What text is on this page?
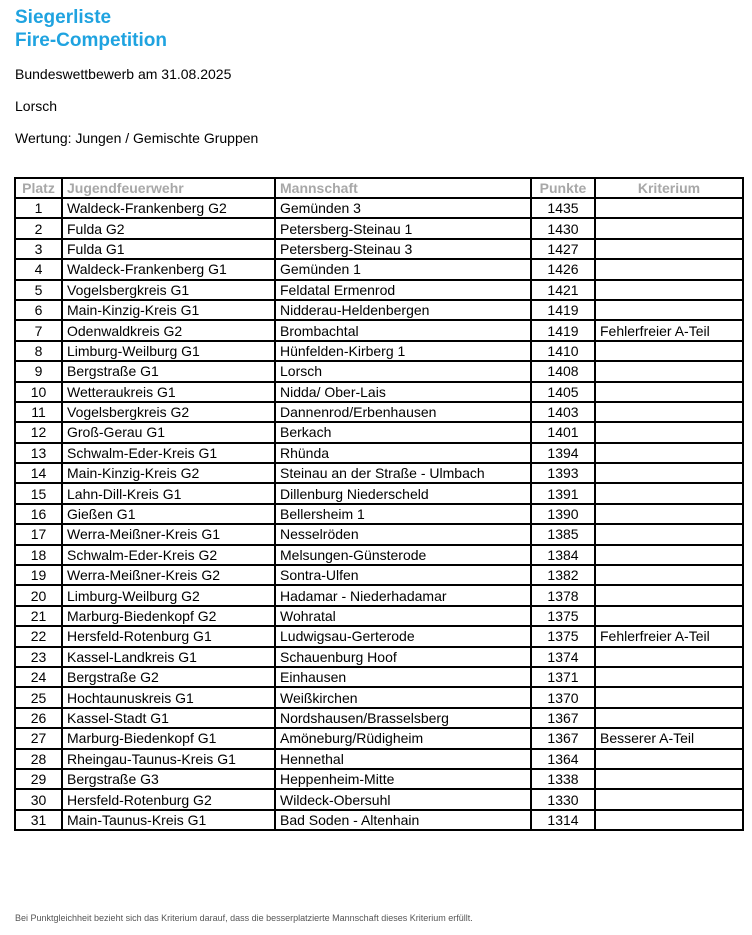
Siegerliste
Fire-Competition
Bundeswettbewerb am 31.08.2025
Lorsch
Wertung: Jungen / Gemischte Gruppen
Platz	Jugendfeuerwehr	Mannschaft	Punkte	Kriterium
1	Waldeck-Frankenberg G2	Gemünden 3	1435	
2	Fulda G2	Petersberg-Steinau 1	1430	
3	Fulda G1	Petersberg-Steinau 3	1427	
4	Waldeck-Frankenberg G1	Gemünden 1	1426	
5	Vogelsbergkreis G1	Feldatal Ermenrod	1421	
6	Main-Kinzig-Kreis G1	Nidderau-Heldenbergen	1419	
7	Odenwaldkreis G2	Brombachtal	1419	Fehlerfreier A-Teil
8	Limburg-Weilburg G1	Hünfelden-Kirberg 1	1410	
9	Bergstraße G1	Lorsch	1408	
10	Wetteraukreis G1	Nidda/ Ober-Lais	1405	
11	Vogelsbergkreis G2	Dannenrod/Erbenhausen	1403	
12	Groß-Gerau G1	Berkach	1401	
13	Schwalm-Eder-Kreis G1	Rhünda	1394	
14	Main-Kinzig-Kreis G2	Steinau an der Straße - Ulmbach	1393	
15	Lahn-Dill-Kreis G1	Dillenburg Niederscheld	1391	
16	Gießen G1	Bellersheim 1	1390	
17	Werra-Meißner-Kreis G1	Nesselröden	1385	
18	Schwalm-Eder-Kreis G2	Melsungen-Günsterode	1384	
19	Werra-Meißner-Kreis G2	Sontra-Ulfen	1382	
20	Limburg-Weilburg G2	Hadamar - Niederhadamar	1378	
21	Marburg-Biedenkopf G2	Wohratal	1375	
22	Hersfeld-Rotenburg G1	Ludwigsau-Gerterode	1375	Fehlerfreier A-Teil
23	Kassel-Landkreis G1	Schauenburg Hoof	1374	
24	Bergstraße G2	Einhausen	1371	
25	Hochtaunuskreis G1	Weißkirchen	1370	
26	Kassel-Stadt G1	Nordshausen/Brasselsberg	1367	
27	Marburg-Biedenkopf G1	Amöneburg/Rüdigheim	1367	Besserer A-Teil
28	Rheingau-Taunus-Kreis G1	Hennethal	1364	
29	Bergstraße G3	Heppenheim-Mitte	1338	
30	Hersfeld-Rotenburg G2	Wildeck-Obersuhl	1330	
31	Main-Taunus-Kreis G1	Bad Soden - Altenhain	1314	
Bei Punktgleichheit bezieht sich das Kriterium darauf, dass die besserplatzierte Mannschaft dieses Kriterium erfüllt.
